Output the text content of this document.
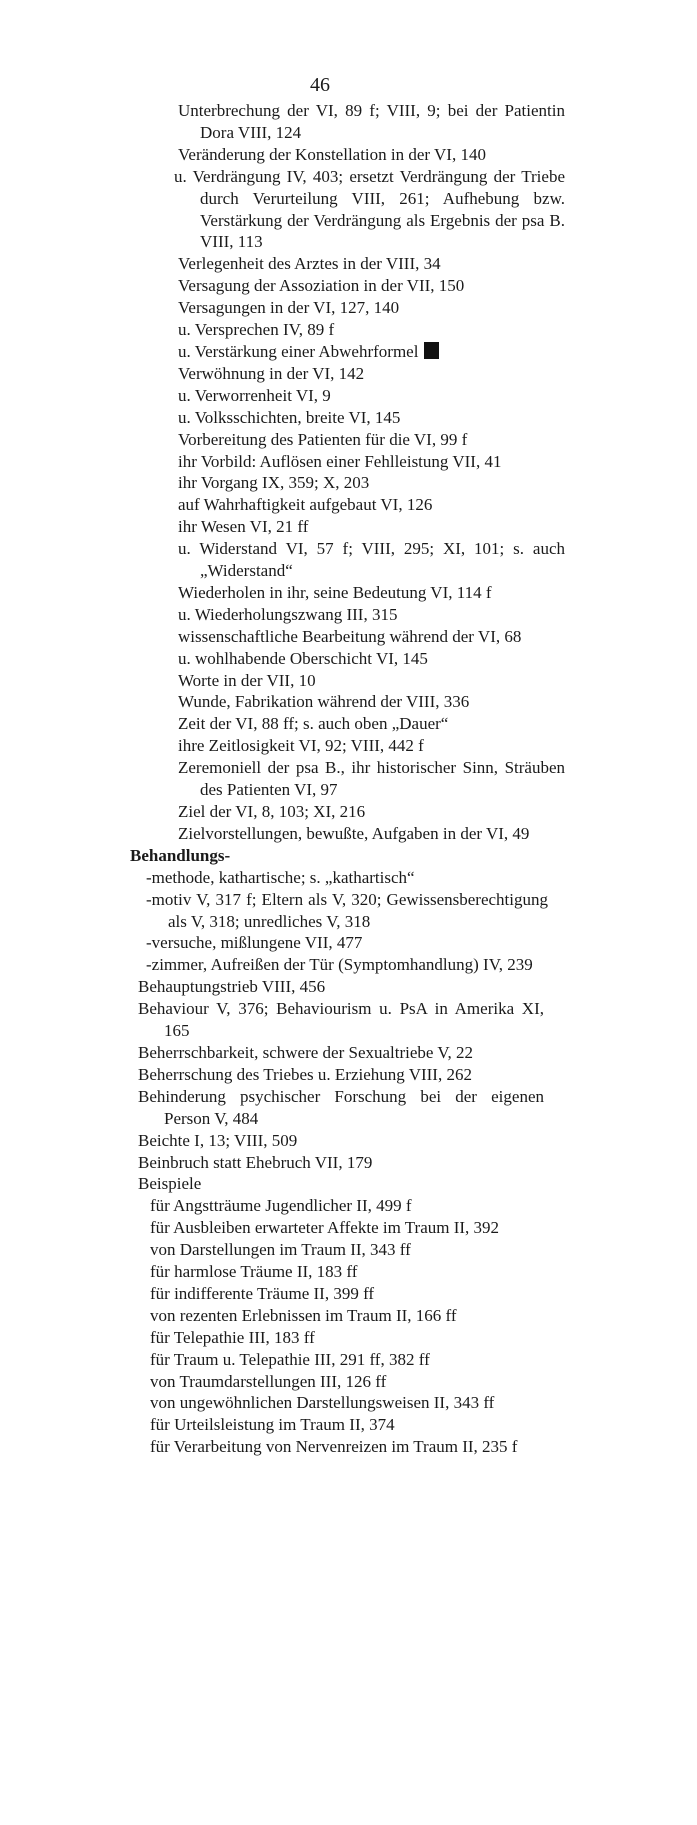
46
Unterbrechung der VI, 89 f; VIII, 9; bei der Patientin Dora VIII, 124
Veränderung der Konstellation in der VI, 140
u. Verdrängung IV, 403; ersetzt Verdrängung der Triebe durch Verurteilung VIII, 261; Aufhebung bzw. Verstärkung der Verdrängung als Ergebnis der psa B. VIII, 113
Verlegenheit des Arztes in der VIII, 34
Versagung der Assoziation in der VII, 150
Versagungen in der VI, 127, 140
u. Versprechen IV, 89 f
u. Verstärkung einer Abwehrformel
Verwöhnung in der VI, 142
u. Verworrenheit VI, 9
u. Volksschichten, breite VI, 145
Vorbereitung des Patienten für die VI, 99 f
ihr Vorbild: Auflösen einer Fehlleistung VII, 41
ihr Vorgang IX, 359; X, 203
auf Wahrhaftigkeit aufgebaut VI, 126
ihr Wesen VI, 21 ff
u. Widerstand VI, 57 f; VIII, 295; XI, 101; s. auch „Widerstand“
Wiederholen in ihr, seine Bedeutung VI, 114 f
u. Wiederholungszwang III, 315
wissenschaftliche Bearbeitung während der VI, 68
u. wohlhabende Oberschicht VI, 145
Worte in der VII, 10
Wunde, Fabrikation während der VIII, 336
Zeit der VI, 88 ff; s. auch oben „Dauer“
ihre Zeitlosigkeit VI, 92; VIII, 442 f
Zeremoniell der psa B., ihr historischer Sinn, Sträuben des Patienten VI, 97
Ziel der VI, 8, 103; XI, 216
Zielvorstellungen, bewußte, Aufgaben in der VI, 49
Behandlungs-
-methode, kathartische; s. „kathartisch“
-motiv V, 317 f; Eltern als V, 320; Gewissensberechtigung als V, 318; unredliches V, 318
-versuche, mißlungene VII, 477
-zimmer, Aufreißen der Tür (Symptomhandlung) IV, 239
Behauptungstrieb VIII, 456
Behaviour V, 376; Behaviourism u. PsA in Amerika XI, 165
Beherrschbarkeit, schwere der Sexualtriebe V, 22
Beherrschung des Triebes u. Erziehung VIII, 262
Behinderung psychischer Forschung bei der eigenen Person V, 484
Beichte I, 13; VIII, 509
Beinbruch statt Ehebruch VII, 179
Beispiele
für Angstträume Jugendlicher II, 499 f
für Ausbleiben erwarteter Affekte im Traum II, 392
von Darstellungen im Traum II, 343 ff
für harmlose Träume II, 183 ff
für indifferente Träume II, 399 ff
von rezenten Erlebnissen im Traum II, 166 ff
für Telepathie III, 183 ff
für Traum u. Telepathie III, 291 ff, 382 ff
von Traumdarstellungen III, 126 ff
von ungewöhnlichen Darstellungsweisen II, 343 ff
für Urteilsleistung im Traum II, 374
für Verarbeitung von Nervenreizen im Traum II, 235 f
